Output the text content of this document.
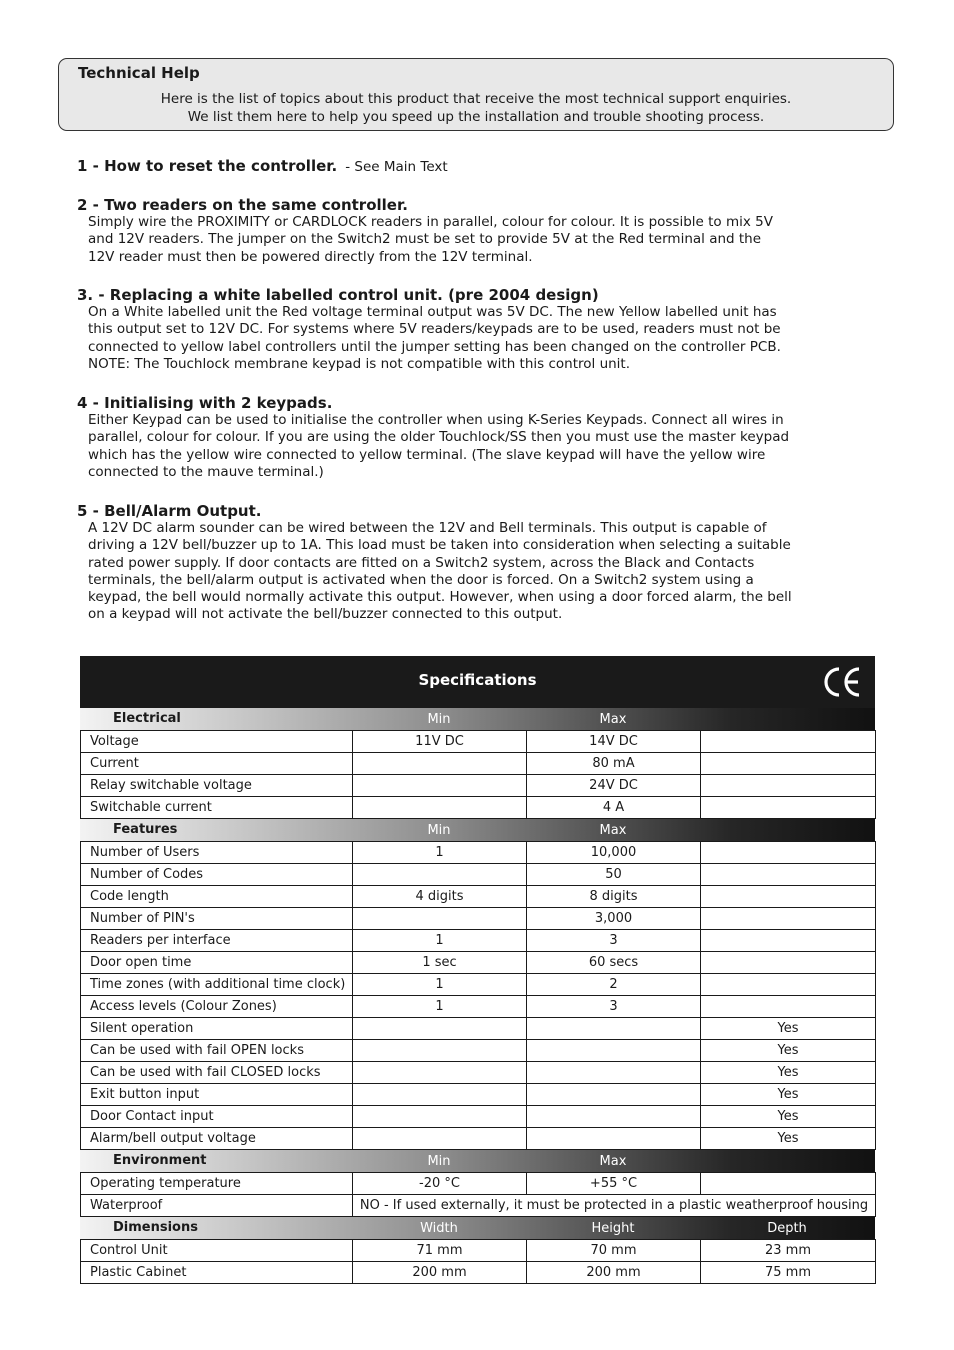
Technical Help
Here is the list of topics about this product that receive the most technical support enquiries.
We list them here to help you speed up the installation and trouble shooting process.
1 - How to reset the controller. - See Main Text
2 - Two readers on the same controller.
Simply wire the PROXIMITY or CARDLOCK readers in parallel, colour for colour. It is possible to mix 5V
and 12V readers. The jumper on the Switch2 must be set to provide 5V at the Red terminal and the
12V reader must then be powered directly from the 12V terminal.
3. - Replacing a white labelled control unit. (pre 2004 design)
On a White labelled unit the Red voltage terminal output was 5V DC. The new Yellow labelled unit has
this output set to 12V DC. For systems where 5V readers/keypads are to be used, readers must not be
connected to yellow label controllers until the jumper setting has been changed on the controller PCB.
NOTE: The Touchlock membrane keypad is not compatible with this control unit.
4 - Initialising with 2 keypads.
Either Keypad can be used to initialise the controller when using K-Series Keypads. Connect all wires in
parallel, colour for colour. If you are using the older Touchlock/SS then you must use the master keypad
which has the yellow wire connected to yellow terminal. (The slave keypad will have the yellow wire
connected to the mauve terminal.)
5 - Bell/Alarm Output.
A 12V DC alarm sounder can be wired between the 12V and Bell terminals. This output is capable of
driving a 12V bell/buzzer up to 1A. This load must be taken into consideration when selecting a suitable
rated power supply. If door contacts are fitted on a Switch2 system, across the Black and Contacts
terminals, the bell/alarm output is activated when the door is forced. On a Switch2 system using a
keypad, the bell would normally activate this output. However, when using a door forced alarm, the bell
on a keypad will not activate the bell/buzzer connected to this output.
Specifications
Electrical	Min	Max
Voltage	11V DC	14V DC	
Current		80 mA	
Relay switchable voltage		24V DC	
Switchable current		4 A	
Features	Min	Max
Number of Users	1	10,000	
Number of Codes		50	
Code length	4 digits	8 digits	
Number of PIN's		3,000	
Readers per interface	1	3	
Door open time	1 sec	60 secs	
Time zones (with additional time clock)	1	2	
Access levels (Colour Zones)	1	3	
Silent operation			Yes
Can be used with fail OPEN locks			Yes
Can be used with fail CLOSED locks			Yes
Exit button input			Yes
Door Contact input			Yes
Alarm/bell output voltage			Yes
Environment	Min	Max
Operating temperature	-20 °C	+55 °C	
Waterproof	NO - If used externally, it must be protected in a plastic weatherproof housing		
Dimensions	Width	Height	Depth
Control Unit	71 mm	70 mm	23 mm
Plastic Cabinet	200 mm	200 mm	75 mm
